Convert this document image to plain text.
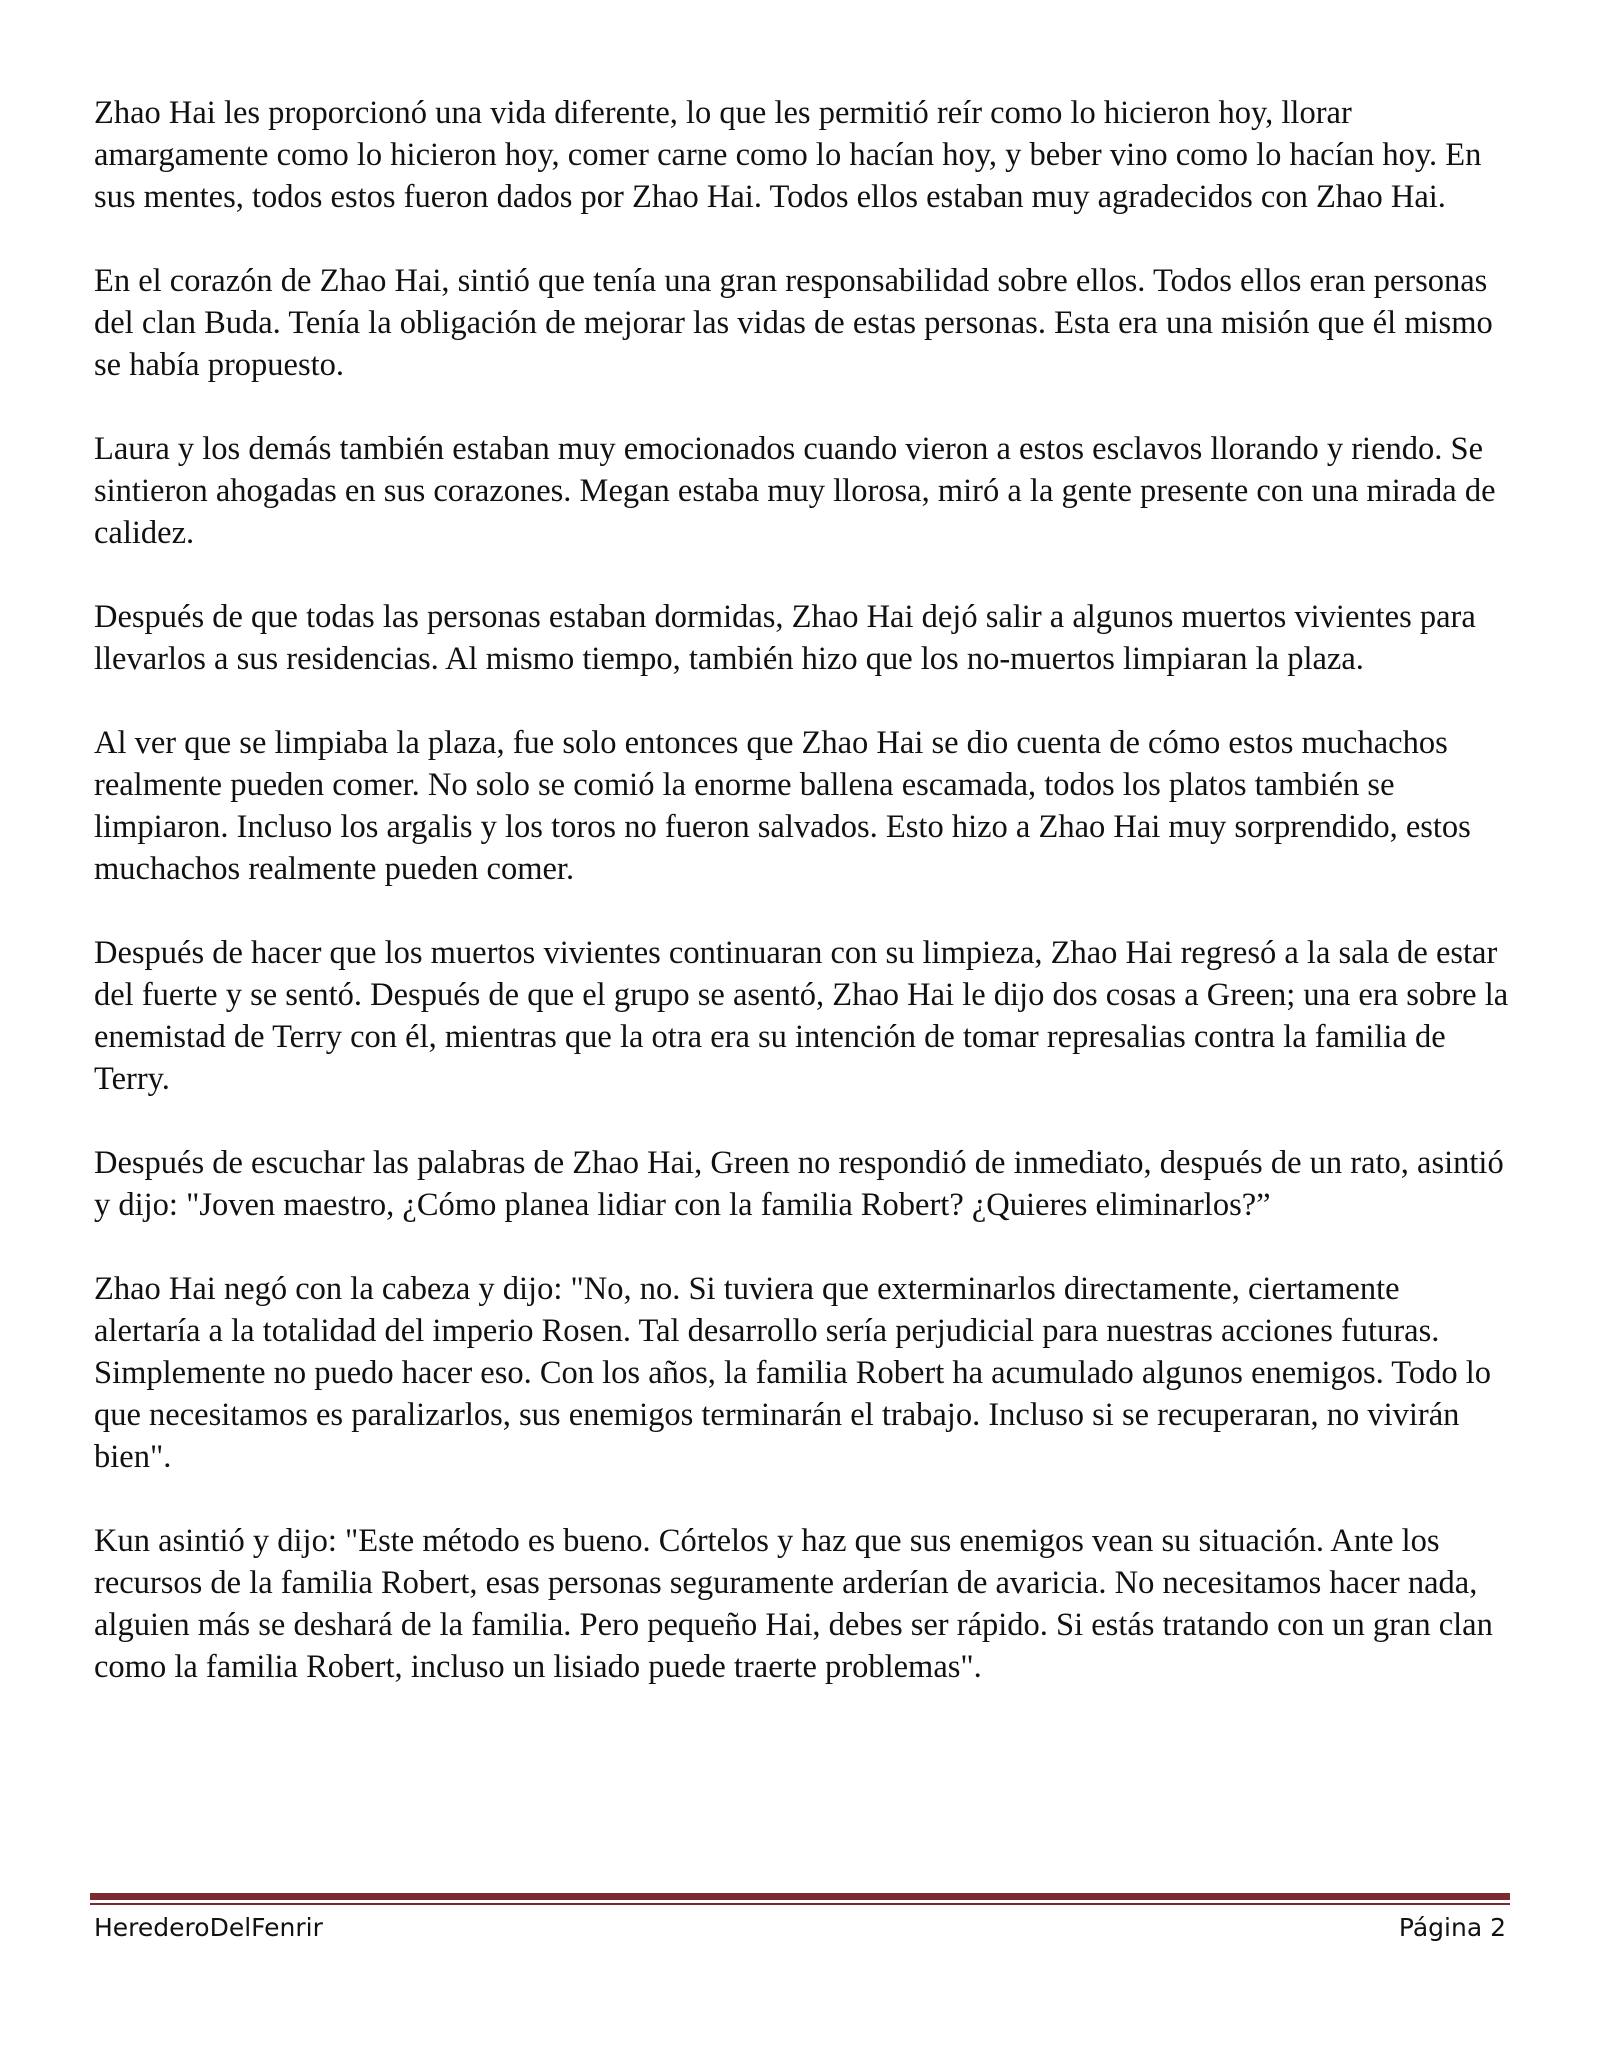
Zhao Hai les proporcionó una vida diferente, lo que les permitió reír como lo hicieron hoy, llorar amargamente como lo hicieron hoy, comer carne como lo hacían hoy, y beber vino como lo hacían hoy. En sus mentes, todos estos fueron dados por Zhao Hai. Todos ellos estaban muy agradecidos con Zhao Hai.

En el corazón de Zhao Hai, sintió que tenía una gran responsabilidad sobre ellos. Todos ellos eran personas del clan Buda. Tenía la obligación de mejorar las vidas de estas personas. Esta era una misión que él mismo se había propuesto.

Laura y los demás también estaban muy emocionados cuando vieron a estos esclavos llorando y riendo. Se sintieron ahogadas en sus corazones. Megan estaba muy llorosa, miró a la gente presente con una mirada de calidez.

Después de que todas las personas estaban dormidas, Zhao Hai dejó salir a algunos muertos vivientes para llevarlos a sus residencias. Al mismo tiempo, también hizo que los no-muertos limpiaran la plaza.

Al ver que se limpiaba la plaza, fue solo entonces que Zhao Hai se dio cuenta de cómo estos muchachos realmente pueden comer. No solo se comió la enorme ballena escamada, todos los platos también se limpiaron. Incluso los argalis y los toros no fueron salvados. Esto hizo a Zhao Hai muy sorprendido, estos muchachos realmente pueden comer.

Después de hacer que los muertos vivientes continuaran con su limpieza, Zhao Hai regresó a la sala de estar del fuerte y se sentó. Después de que el grupo se asentó, Zhao Hai le dijo dos cosas a Green; una era sobre la enemistad de Terry con él, mientras que la otra era su intención de tomar represalias contra la familia de Terry.

Después de escuchar las palabras de Zhao Hai, Green no respondió de inmediato, después de un rato, asintió y dijo: "Joven maestro, ¿Cómo planea lidiar con la familia Robert? ¿Quieres eliminarlos?”

Zhao Hai negó con la cabeza y dijo: "No, no. Si tuviera que exterminarlos directamente, ciertamente alertaría a la totalidad del imperio Rosen. Tal desarrollo sería perjudicial para nuestras acciones futuras. Simplemente no puedo hacer eso. Con los años, la familia Robert ha acumulado algunos enemigos. Todo lo que necesitamos es paralizarlos, sus enemigos terminarán el trabajo. Incluso si se recuperaran, no vivirán bien".

Kun asintió y dijo: "Este método es bueno. Córtelos y haz que sus enemigos vean su situación. Ante los recursos de la familia Robert, esas personas seguramente arderían de avaricia. No necesitamos hacer nada, alguien más se deshará de la familia. Pero pequeño Hai, debes ser rápido. Si estás tratando con un gran clan como la familia Robert, incluso un lisiado puede traerte problemas".

HerederoDelFenrir	Página 2
